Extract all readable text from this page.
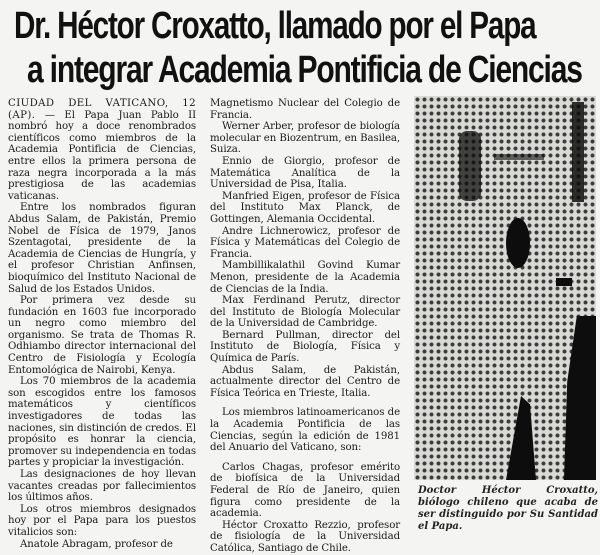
Dr. Héctor Croxatto, llamado por el Papa
a integrar Academia Pontificia de Ciencias

CIUDAD DEL VATICANO, 12 (AP). — El Papa Juan Pablo II nombró hoy a doce renombrados científicos como miembros de la Academia Pontificia de Ciencias, entre ellos la primera persona de raza negra incorporada a la más prestigiosa de las academias vaticanas.

Entre los nombrados figuran Abdus Salam, de Pakistán, Premio Nobel de Física de 1979, Janos Szentagotai, presidente de la Academia de Ciencias de Hungría, y el profesor Christian Anfinsen, bioquímico del Instituto Nacional de Salud de los Estados Unidos.

Por primera vez desde su fundación en 1603 fue incorporado un negro como miembro del organismo. Se trata de Thomas R. Odhiambo director internacional del Centro de Fisiología y Ecología Entomológica de Nairobi, Kenya.

Los 70 miembros de la academia son escogidos entre los famosos matemáticos y científicos investigadores de todas las naciones, sin distinción de credos. El propósito es honrar la ciencia, promover su independencia en todas partes y propiciar la investigación.

Las designaciones de hoy llevan vacantes creadas por fallecimientos los últimos años.

Los otros miembros designados hoy por el Papa para los puestos vitalicios son:

Anatole Abragam, profesor de

Magnetismo Nuclear del Colegio de Francia.

Werner Arber, profesor de biología molecular en Biozentrum, en Basilea, Suiza.

Ennio de Giorgio, profesor de Matemática Analítica de la Universidad de Pisa, Italia.

Manfried Eigen, profesor de Física del Instituto Max Planck, de Gottingen, Alemania Occidental.

Andre Lichnerowicz, profesor de Física y Matemáticas del Colegio de Francia.

Mambillikalathil Govind Kumar Menon, presidente de la Academia de Ciencias de la India.

Max Ferdinand Perutz, director del Instituto de Biología Molecular de la Universidad de Cambridge.

Bernard Pullman, director del Instituto de Biología, Física y Química de París.

Abdus Salam, de Pakistán, actualmente director del Centro de Física Teórica en Trieste, Italia.

Los miembros latinoamericanos de la Academia Pontificia de las Ciencias, según la edición de 1981 del Anuario del Vaticano, son:

Carlos Chagas, profesor emérito de biofísica de la Universidad Federal de Río de Janeiro, quien figura como presidente de la academia.

Héctor Croxatto Rezzio, profesor de fisiología de la Universidad Católica, Santiago de Chile.

Doctor Héctor Croxatto, biólogo chileno que acaba de ser distinguido por Su Santidad el Papa.
